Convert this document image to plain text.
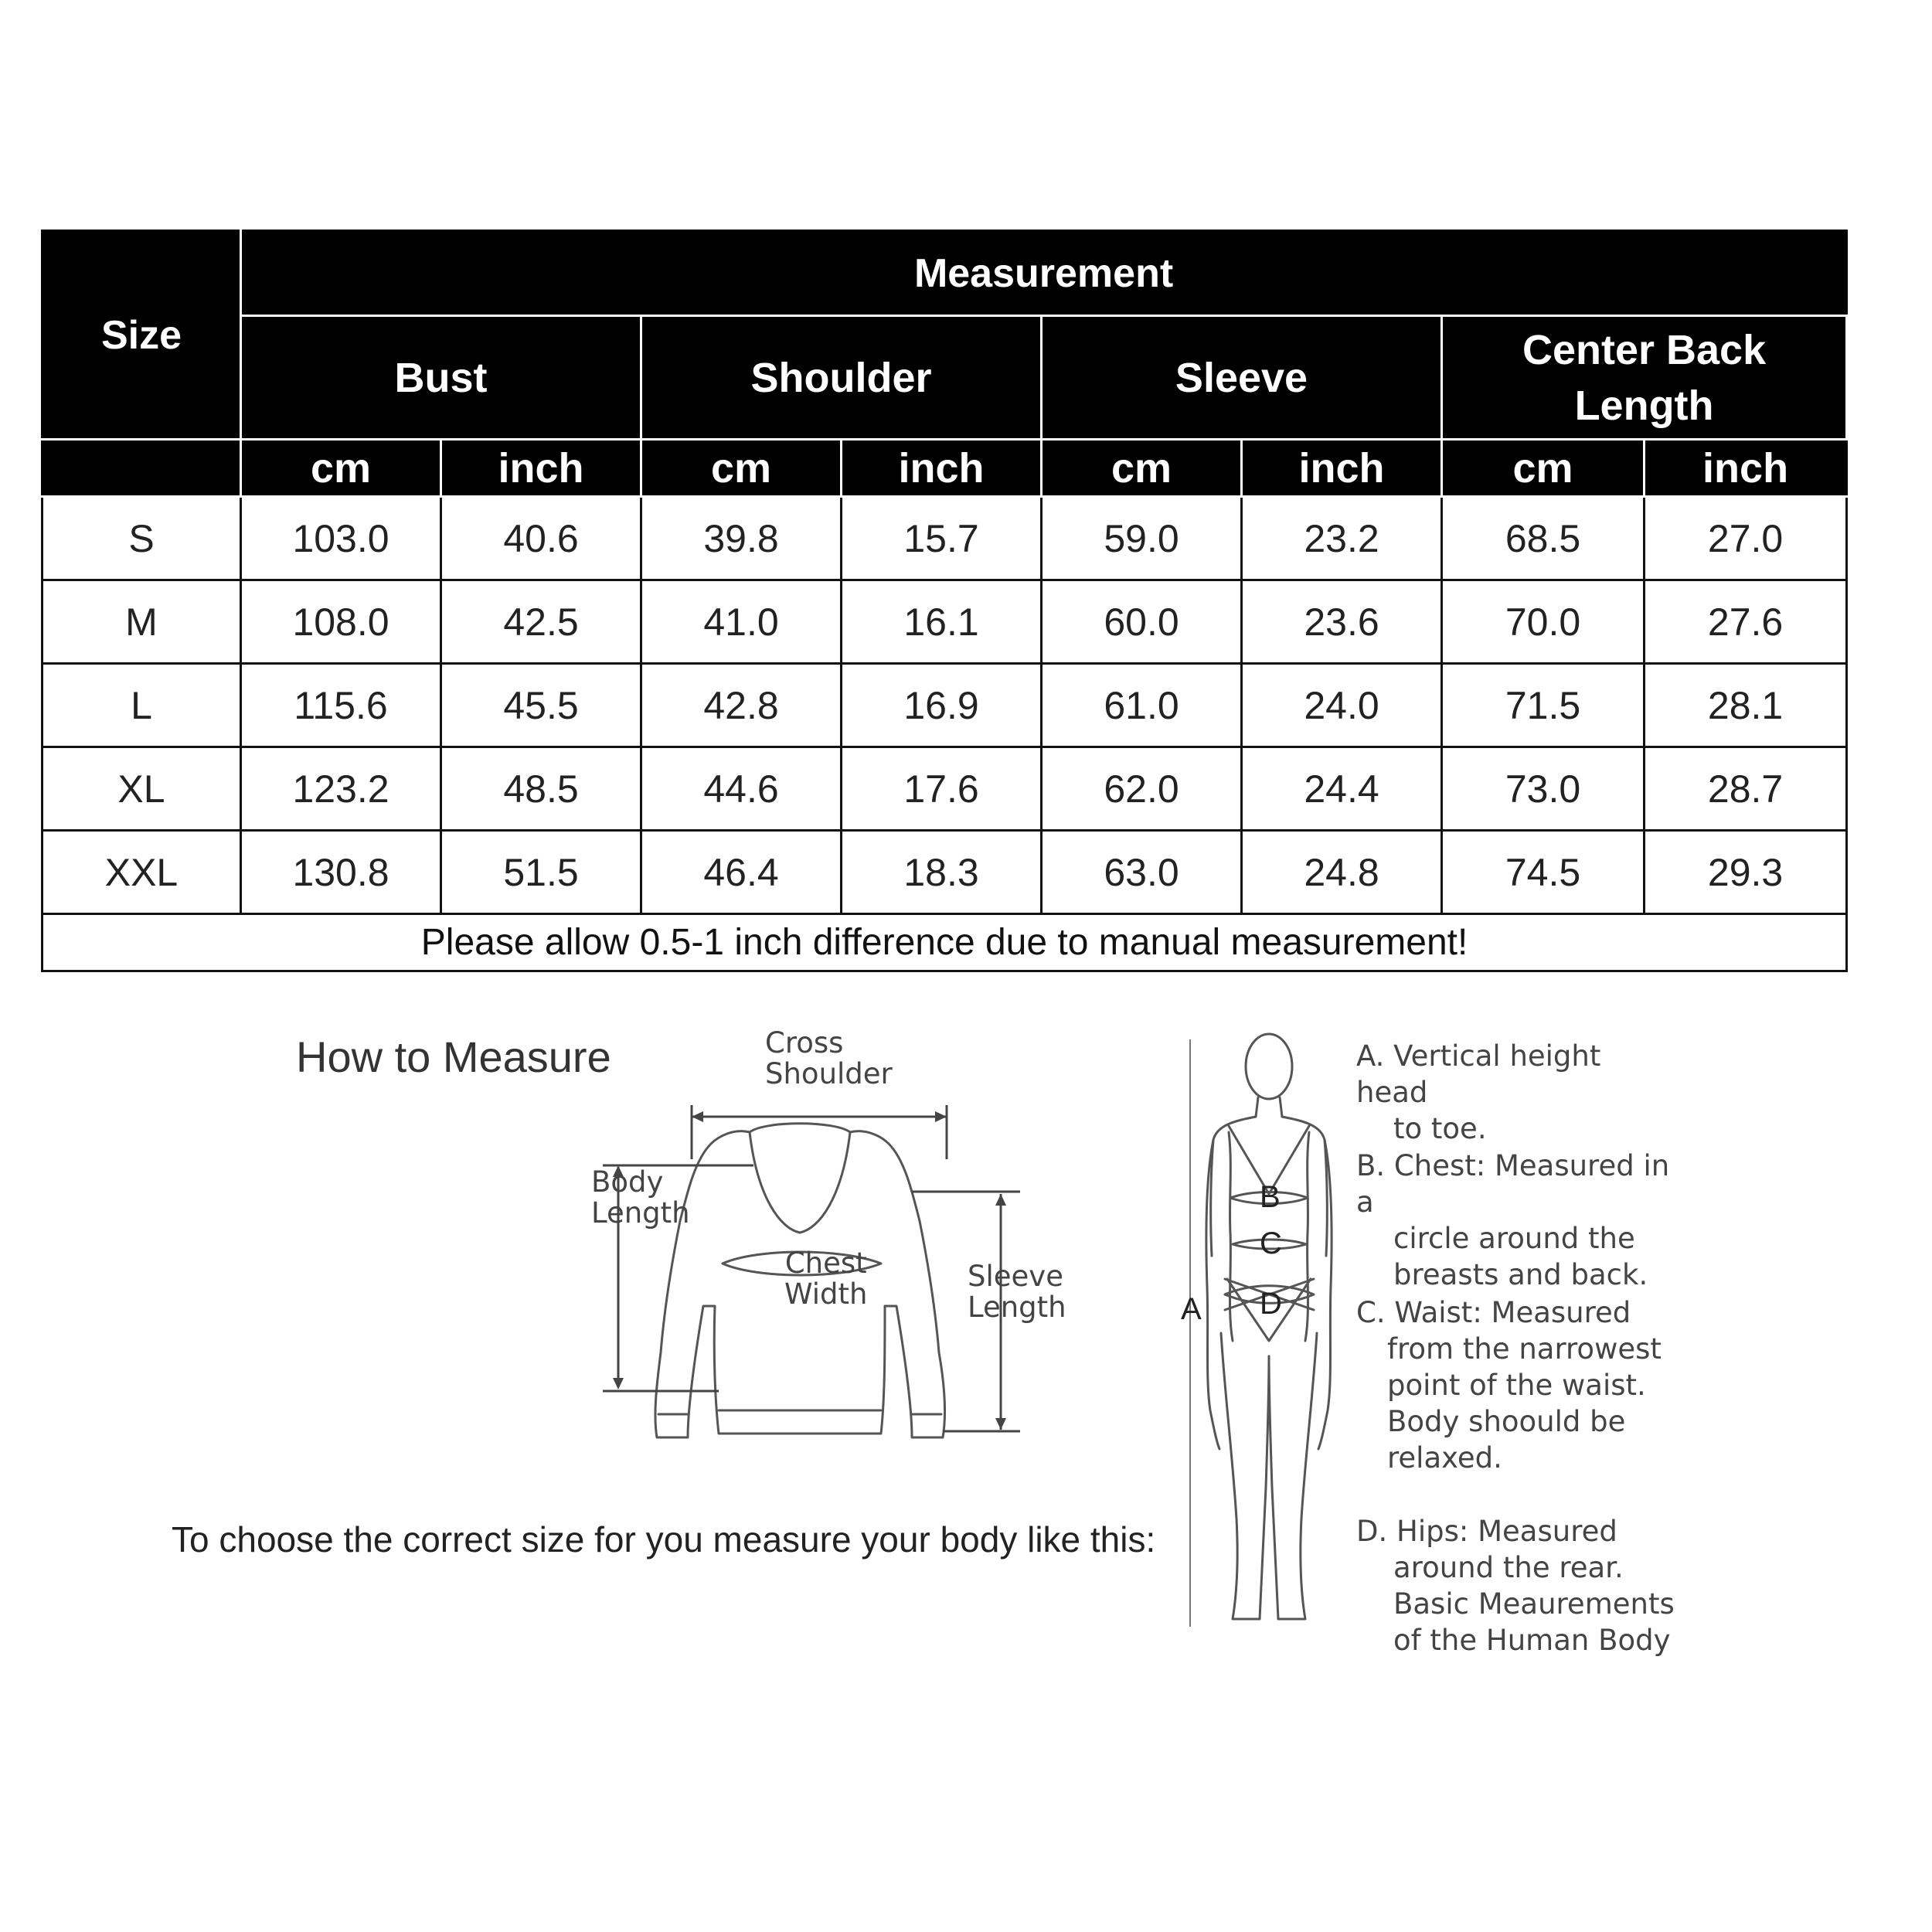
Size	Measurement							
	Bust		Shoulder		Sleeve		Center Back Length	
	cm	inch	cm	inch	cm	inch	cm	inch
S	103.0	40.6	39.8	15.7	59.0	23.2	68.5	27.0
M	108.0	42.5	41.0	16.1	60.0	23.6	70.0	27.6
L	115.6	45.5	42.8	16.9	61.0	24.0	71.5	28.1
XL	123.2	48.5	44.6	17.6	62.0	24.4	73.0	28.7
XXL	130.8	51.5	46.4	18.3	63.0	24.8	74.5	29.3
Please allow 0.5-1 inch difference due to manual measurement!								
How to Measure
To choose the correct size for you measure your body like this:
Cross
Shoulder
Body
Length
Chest
Width
Sleeve
Length	A
B
C
D
A. Vertical height head
to toe.
B. Chest: Measured in a
circle around the
breasts and back.
C. Waist: Measured
from the narrowest
point of the waist.
Body shoould be
relaxed.
D. Hips: Measured
around the rear.
Basic Meaurements
of the Human Body
